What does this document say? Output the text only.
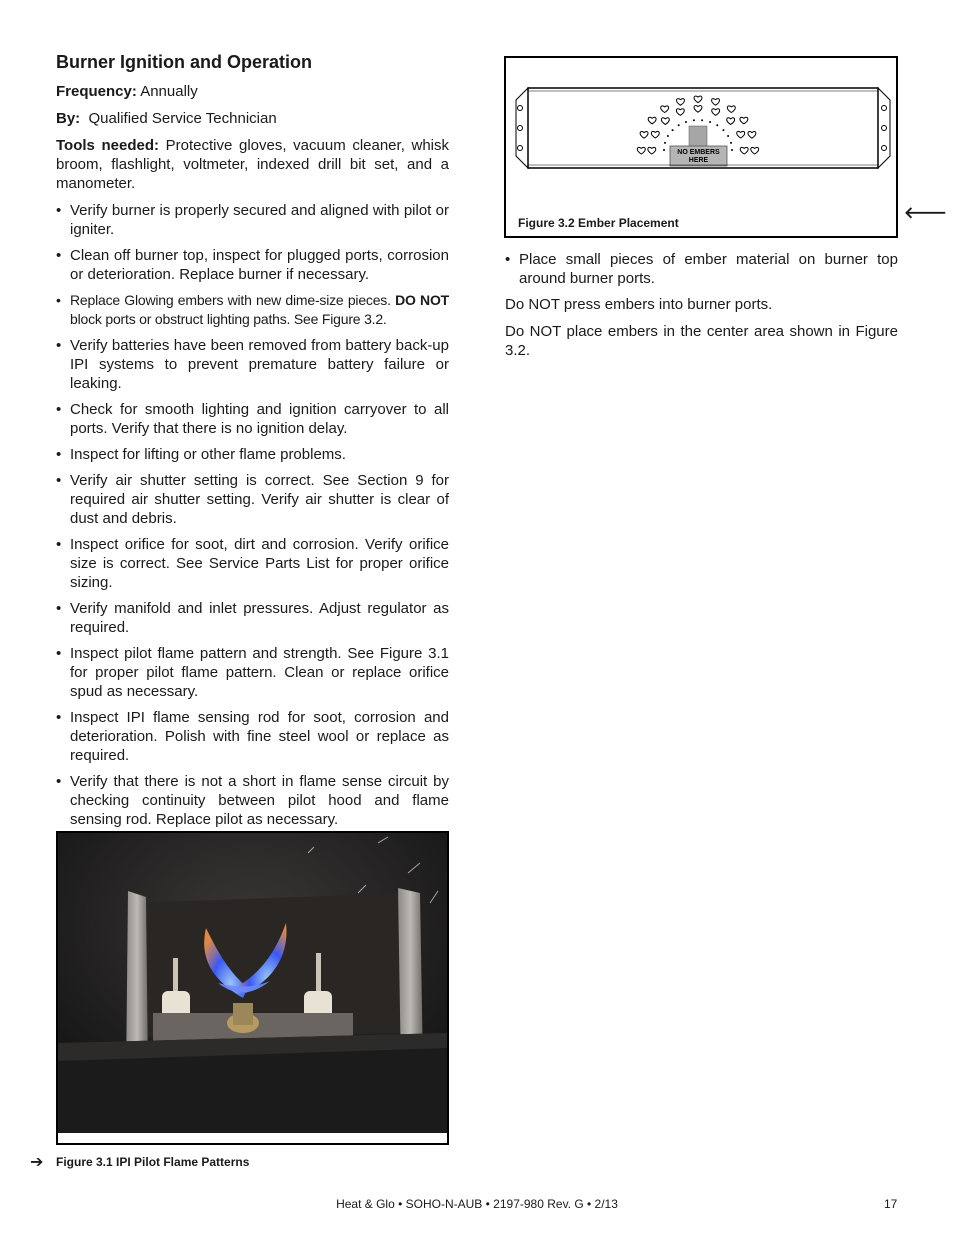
Burner Ignition and Operation

Frequency: Annually

By:  Qualified Service Technician

Tools needed: Protective gloves, vacuum cleaner, whisk broom, flashlight, voltmeter, indexed drill bit set, and a manometer.

• Verify burner is properly secured and aligned with pilot or igniter.
• Clean off burner top, inspect for plugged ports, corrosion or deterioration. Replace burner if necessary.
• Replace Glowing embers with new dime-size pieces. DO NOT block ports or obstruct lighting paths. See Figure 3.2.
• Verify batteries have been removed from battery back-up IPI systems to prevent premature battery failure or leaking.
• Check for smooth lighting and ignition carryover to all ports. Verify that there is no ignition delay.
• Inspect for lifting or other flame problems.
• Verify air shutter setting is correct. See Section 9 for required air shutter setting. Verify air shutter is clear of dust and debris.
• Inspect orifice for soot, dirt and corrosion. Verify orifice size is correct. See Service Parts List for proper orifice sizing.
• Verify manifold and inlet pressures. Adjust regulator as required.
• Inspect pilot flame pattern and strength. See Figure 3.1 for proper pilot flame pattern. Clean or replace orifice spud as necessary.
• Inspect IPI flame sensing rod for soot, corrosion and deterioration. Polish with fine steel wool or replace as required.
• Verify that there is not a short in flame sense circuit by checking continuity between pilot hood and flame sensing rod. Replace pilot as necessary.
➔ Figure 3.1 IPI Pilot Flame Patterns
NO EMBERS
HERE
Figure 3.2 Ember Placement
🡐
• Place small pieces of ember material on burner top around burner ports.

Do NOT press embers into burner ports.

Do NOT place embers in the center area shown in Figure 3.2.

Heat & Glo • SOHO-N-AUB • 2197-980 Rev. G • 2/13	17
